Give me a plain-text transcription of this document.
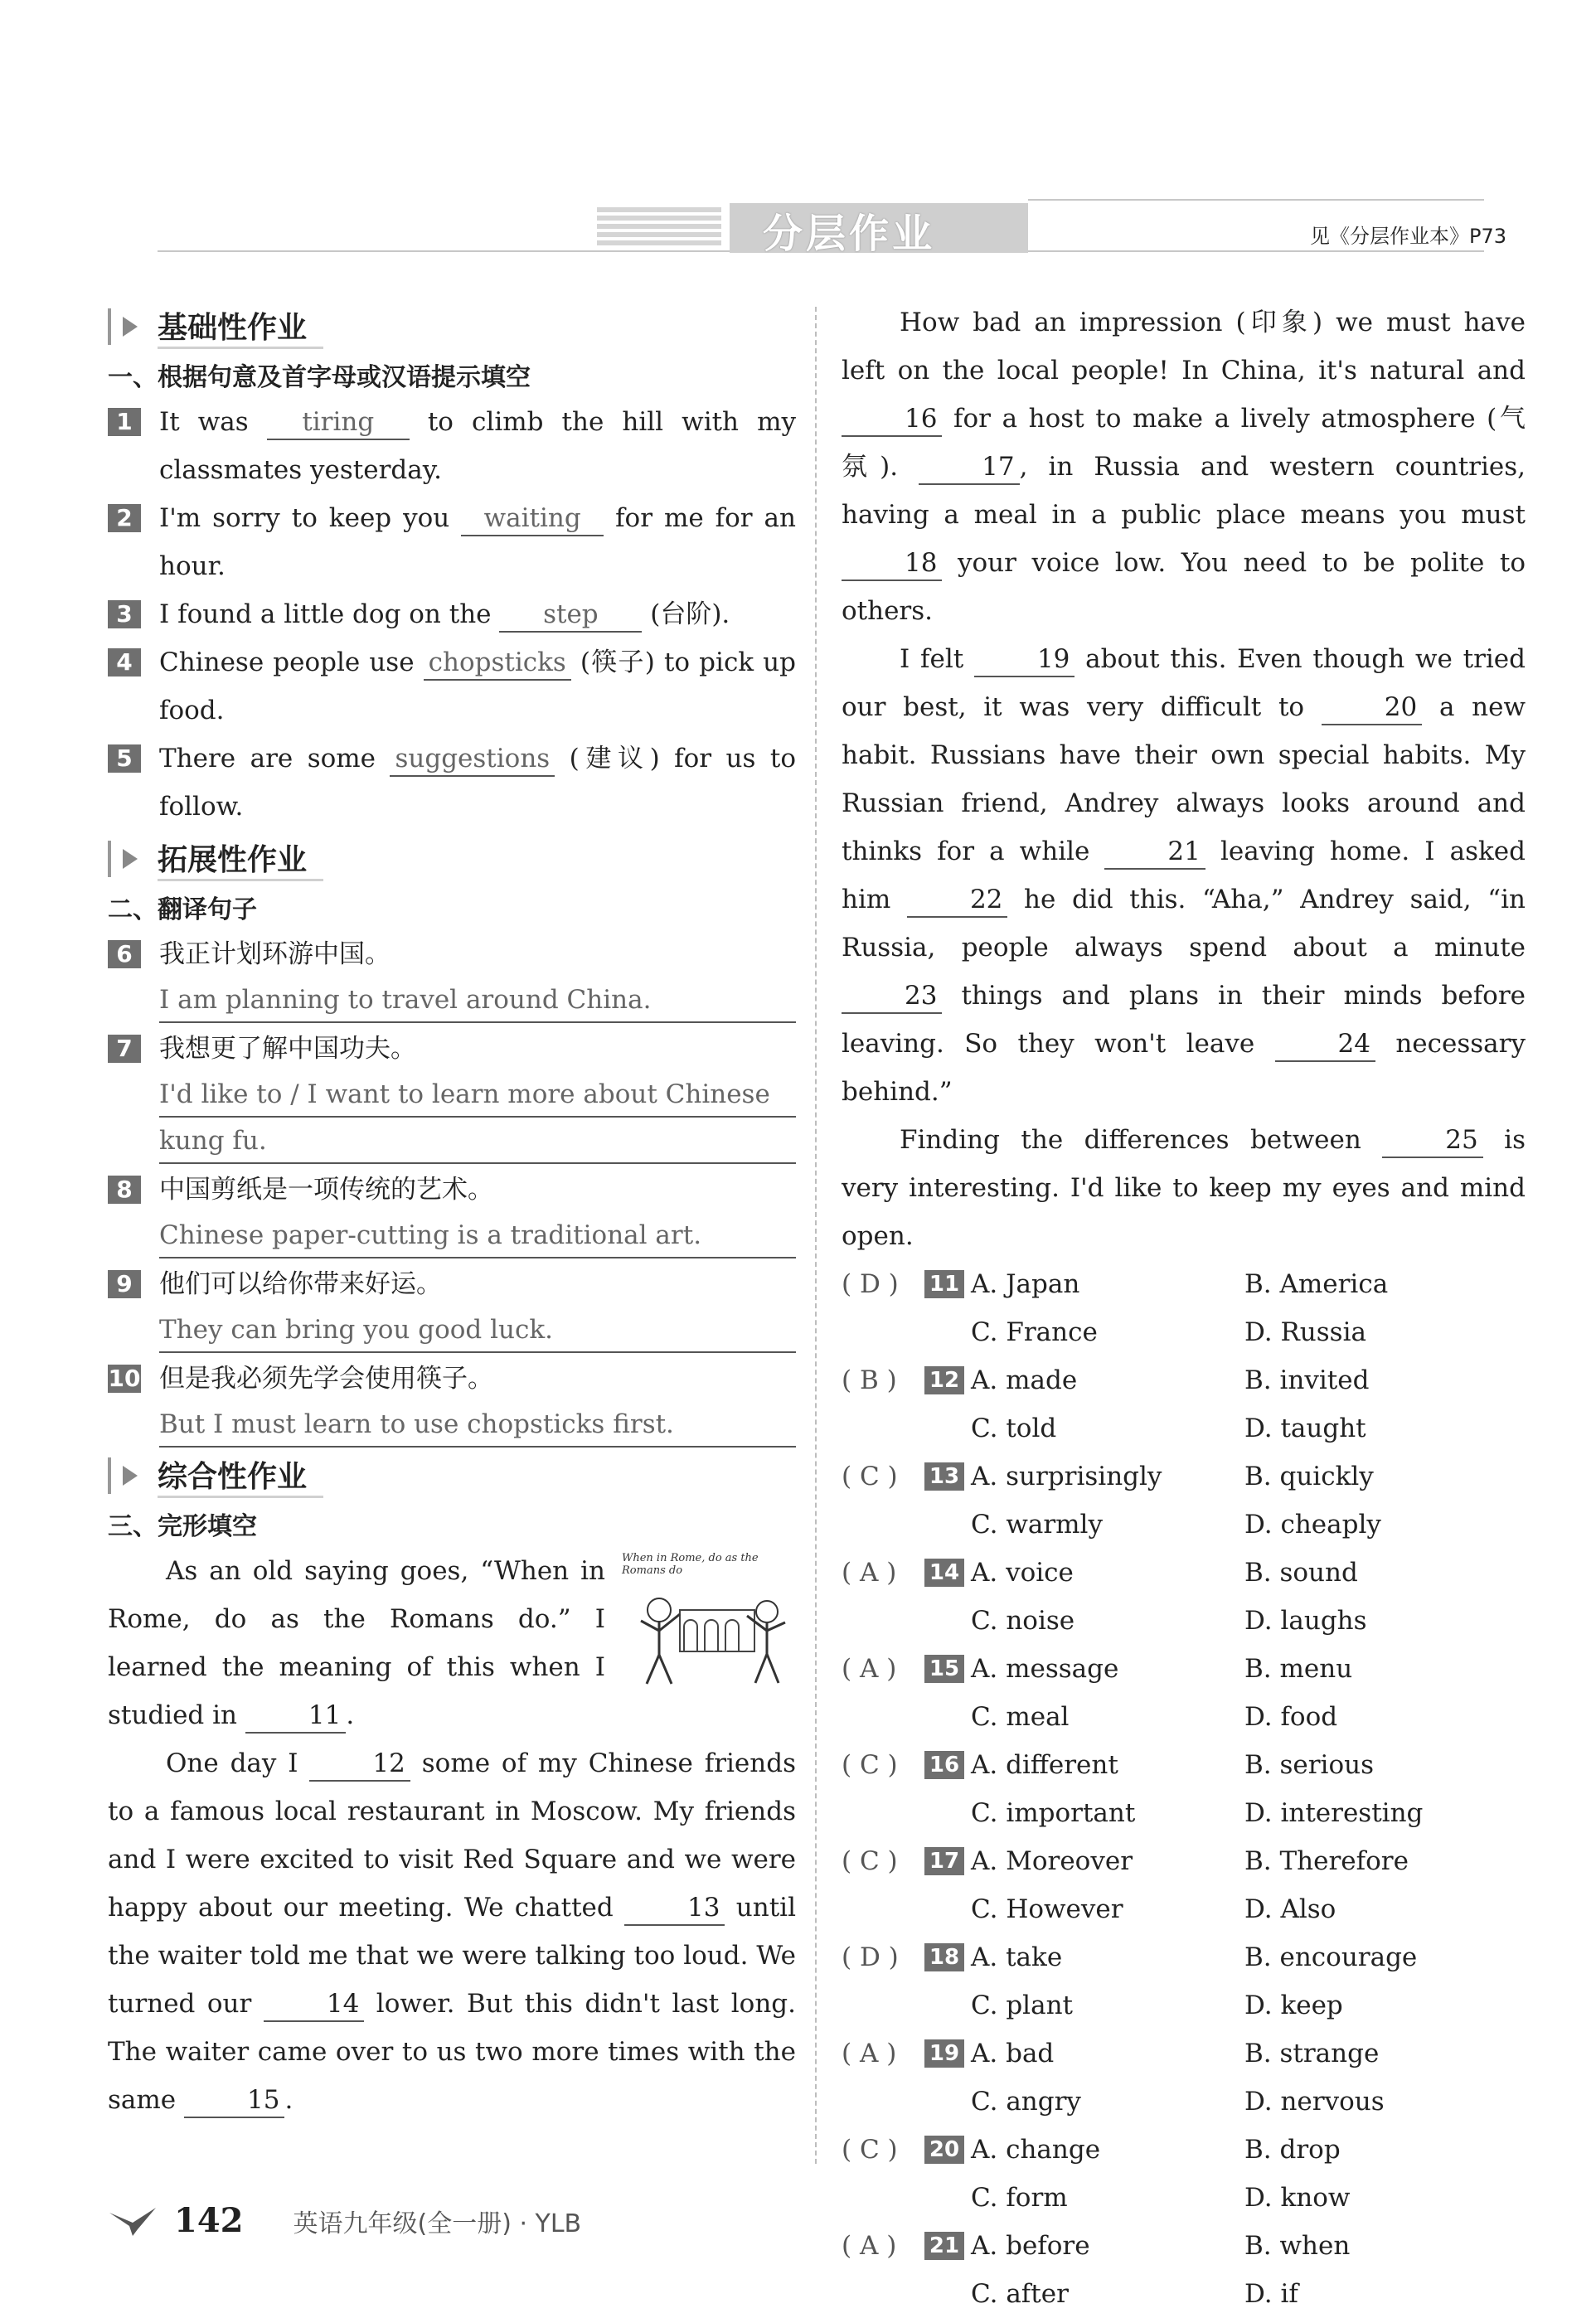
分层作业	见《分层作业本》P73
基础性作业
一、根据句意及首字母或汉语提示填空
1	It was tiring to climb the hill with my classmates yesterday.
2	I'm sorry to keep you waiting for me for an hour.
3	I found a little dog on the step (台阶).
4	Chinese people use chopsticks (筷子) to pick up food.
5	There are some suggestions (建议) for us to follow.
拓展性作业
二、翻译句子
6	我正计划环游中国。
I am planning to travel around China.
7	我想更了解中国功夫。
I'd like to / I want to learn more about Chinese
kung fu.
8	中国剪纸是一项传统的艺术。
Chinese paper-cutting is a traditional art.
9	他们可以给你带来好运。
They can bring you good luck.
10 但是我必须先学会使用筷子。
But I must learn to use chopsticks first.
综合性作业
三、完形填空
When in Rome, do as the Romans do

As an old saying goes, “When in Rome, do as the Romans do.” I learned the meaning of this when I studied in 11 .

One day I 12 some of my Chinese friends to a famous local restaurant in Moscow. My friends and I were excited to visit Red Square and we were happy about our meeting. We chatted 13 until the waiter told me that we were talking too loud. We turned our 14 lower. But this didn't last long. The waiter came over to us two more times with the same 15 .

How bad an impression (印象) we must have left on the local people! In China, it's natural and 16 for a host to make a lively atmosphere (气氛). 17 , in Russia and western countries, having a meal in a public place means you must 18 your voice low. You need to be polite to others.

I felt 19 about this. Even though we tried our best, it was very difficult to 20 a new habit. Russians have their own special habits. My Russian friend, Andrey always looks around and thinks for a while 21 leaving home. I asked him 22 he did this. “Aha,” Andrey said, “in Russia, people always spend about a minute 23 things and plans in their minds before leaving. So they won't leave 24 necessary behind.”

Finding the differences between 25 is very interesting. I'd like to keep my eyes and mind open.

( D )	11 A. Japan	B. America
C. France	D. Russia
( B )	12 A. made	B. invited
C. told	D. taught
( C )	13 A. surprisingly	B. quickly
C. warmly	D. cheaply
( A )	14 A. voice	B. sound
C. noise	D. laughs
( A )	15 A. message	B. menu
C. meal	D. food
( C )	16 A. different	B. serious
C. important	D. interesting
( C )	17 A. Moreover	B. Therefore
C. However	D. Also
( D )	18 A. take	B. encourage
C. plant	D. keep
( A )	19 A. bad	B. strange
C. angry	D. nervous
( C )	20 A. change	B. drop
C. form	D. know
( A )	21 A. before	B. when
C. after	D. if
142 英语九年级(全一册) · YLB
